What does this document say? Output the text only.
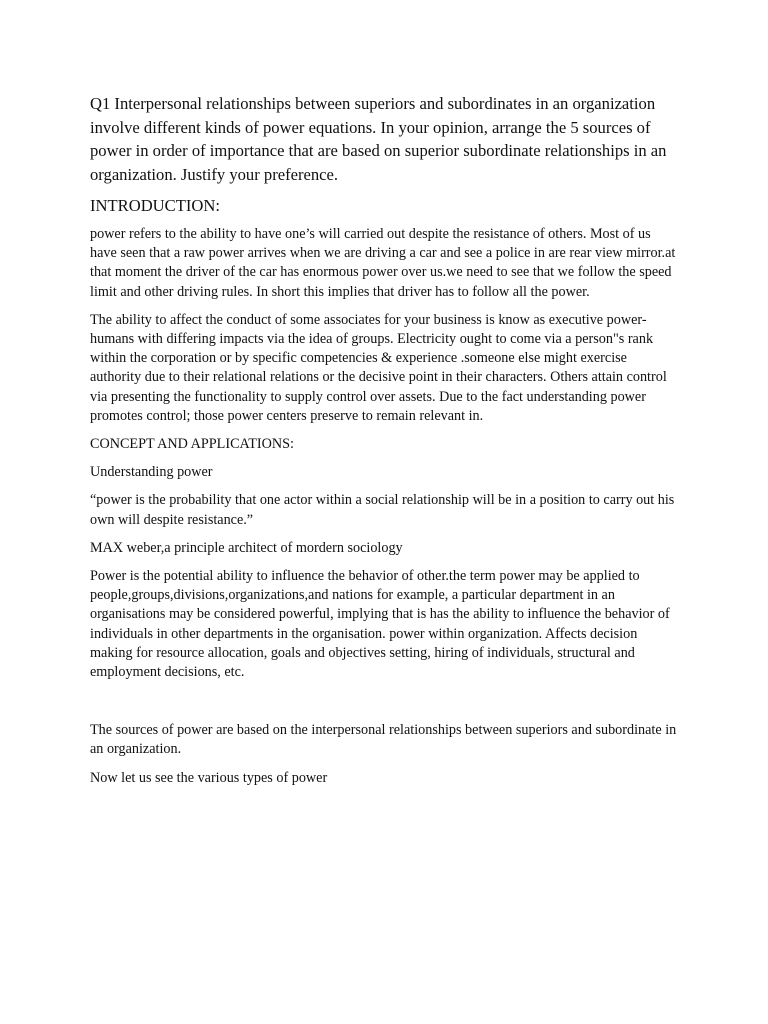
Q1 Interpersonal relationships between superiors and subordinates in an organization involve different kinds of power equations. In your opinion, arrange the 5 sources of power in order of importance that are based on superior subordinate relationships in an organization. Justify your preference.

INTRODUCTION:

power refers to the ability to have one’s will carried out despite the resistance of others. Most of us have seen that a raw power arrives when we are driving a car and see a police in are rear view mirror.at that moment the driver of the car has enormous power over us.we need to see that we follow the speed limit and other driving rules. In short this implies that driver has to follow all the power.

The ability to affect the conduct of some associates for your business is know as executive power-humans with differing impacts via the idea of groups. Electricity ought to come via a person"s rank within the corporation or by specific competencies & experience .someone else might exercise authority due to their relational relations or the decisive point in their characters. Others attain control via presenting the functionality to supply control over assets. Due to the fact understanding power promotes control; those power centers preserve to remain relevant in.

CONCEPT AND APPLICATIONS:

Understanding power

“power is the probability that one actor within a social relationship will be in a position to carry out his own will despite resistance.”

MAX weber,a principle architect of mordern sociology

Power is the potential ability to influence the behavior of other.the term power may be applied to people,groups,divisions,organizations,and nations for example, a particular department in an organisations may be considered powerful, implying that is has the ability to influence the behavior of individuals in other departments in the organisation. power within organization. Affects decision making for resource allocation, goals and objectives setting, hiring of individuals, structural and employment decisions, etc.

The sources of power are based on the interpersonal relationships between superiors and subordinate in an organization.

Now let us see the various types of power
